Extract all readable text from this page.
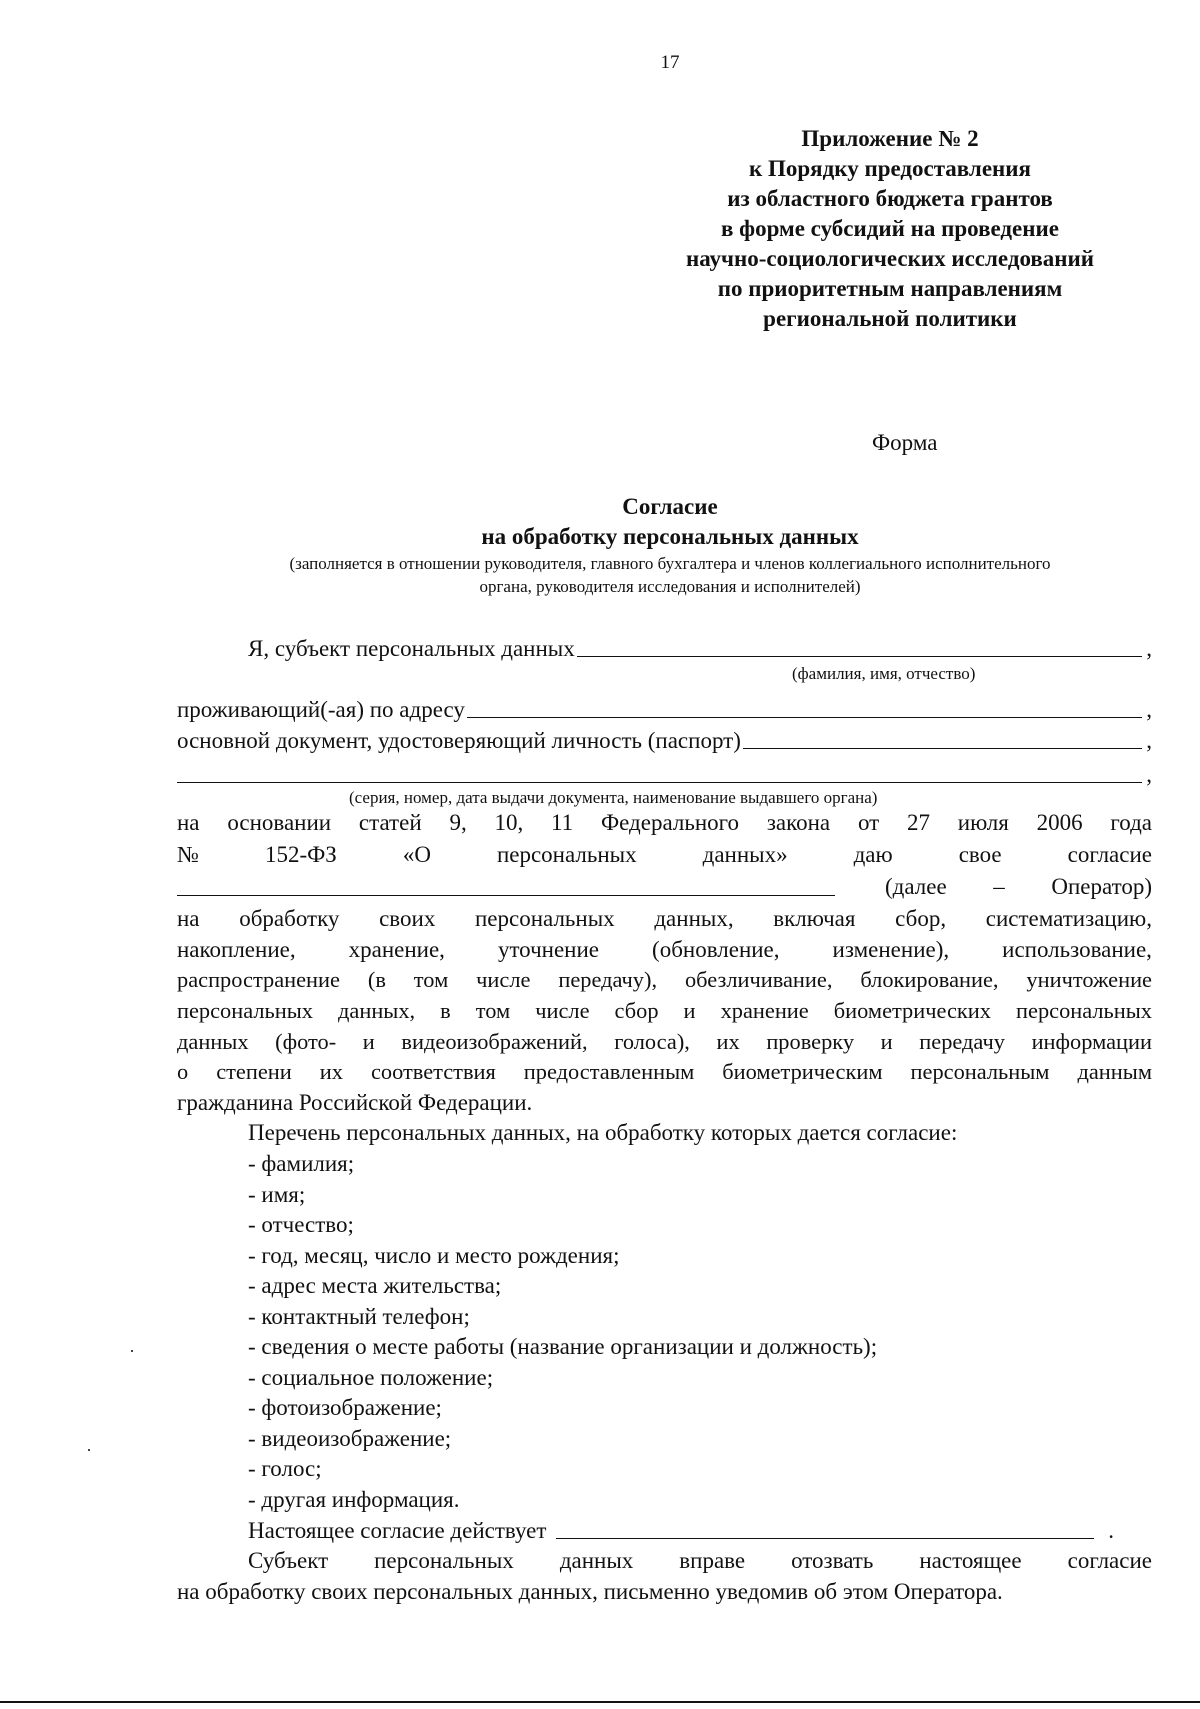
17
Приложение № 2
к Порядку предоставления
из областного бюджета грантов
в форме субсидий на проведение
научно-социологических исследований
по приоритетным направлениям
региональной политики
Форма
Согласие
на обработку персональных данных
(заполняется в отношении руководителя, главного бухгалтера и членов коллегиального исполнительного
органа, руководителя исследования и исполнителей)
Я, субъект персональных данных	,
(фамилия, имя, отчество)
проживающий(-ая) по адресу	,
основной документ, удостоверяющий личность (паспорт)	,
,
(серия, номер, дата выдачи документа, наименование выдавшего органа)
на основании статей 9, 10, 11 Федерального закона от 27 июля 2006 года
№	152-ФЗ	«О	персональных	данных»	даю	свое	согласие
(далее – Оператор)
на обработку своих персональных данных, включая сбор, систематизацию,
накопление, хранение, уточнение (обновление, изменение), использование,
распространение (в том числе передачу), обезличивание, блокирование, уничтожение
персональных данных, в том числе сбор и хранение биометрических персональных
данных (фото- и видеоизображений, голоса), их проверку и передачу информации
о степени их соответствия предоставленным биометрическим персональным данным
гражданина Российской Федерации.
Перечень персональных данных, на обработку которых дается согласие:
- фамилия;
- имя;
- отчество;
- год, месяц, число и место рождения;
- адрес места жительства;
- контактный телефон;
- сведения о месте работы (название организации и должность);
- социальное положение;
- фотоизображение;
- видеоизображение;
- голос;
- другая информация.
Настоящее согласие действует	.
Субъект персональных данных вправе отозвать настоящее согласие
на обработку своих персональных данных, письменно уведомив об этом Оператора.
